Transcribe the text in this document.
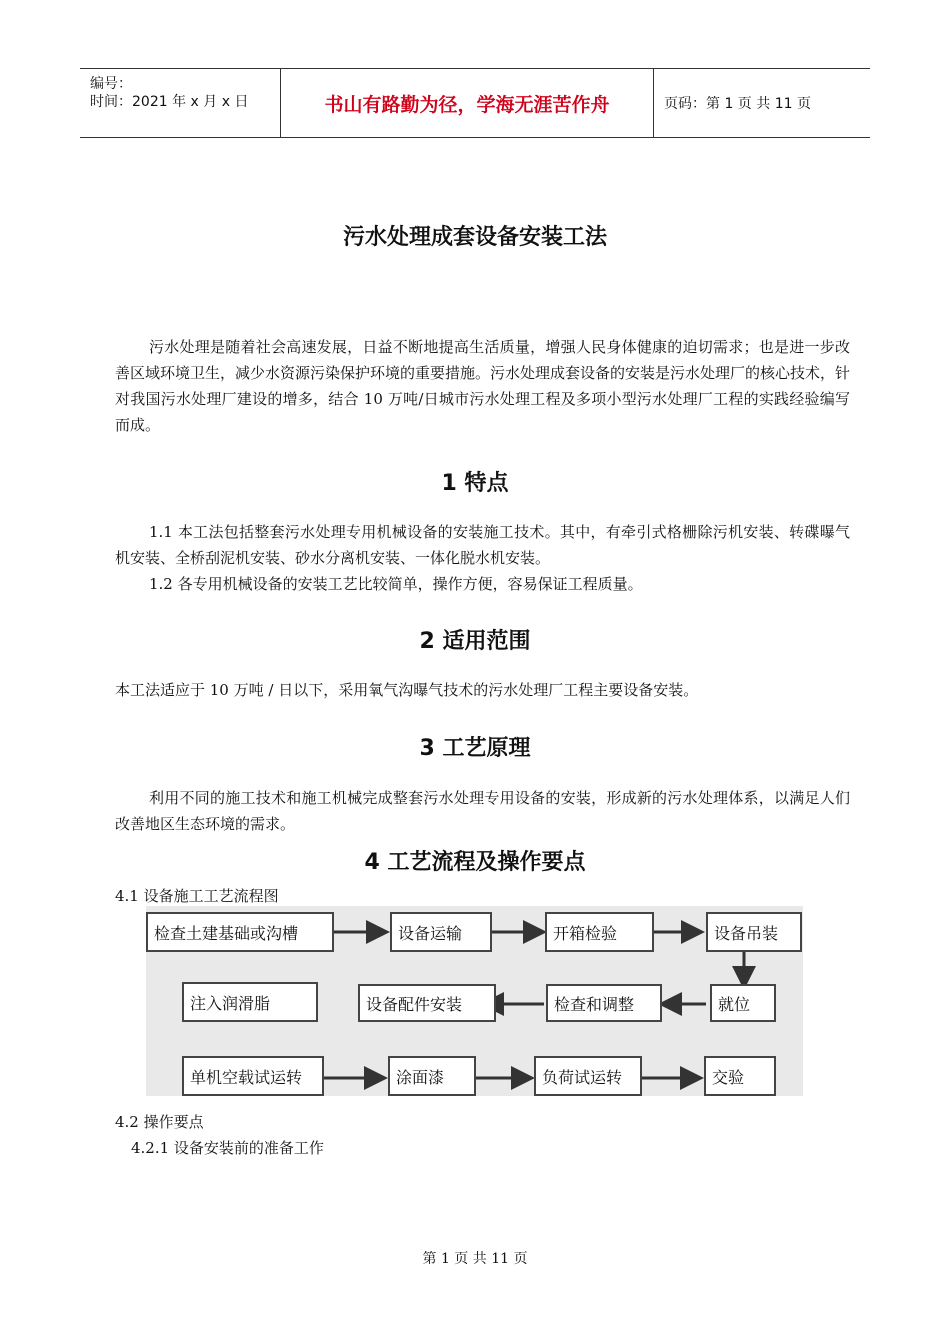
编号：
时间：2021 年 x 月 x 日	书山有路勤为径，学海无涯苦作舟	页码：第 1 页 共 11 页
污水处理成套设备安装工法
污水处理是随着社会高速发展，日益不断地提高生活质量，增强人民身体健康的迫切需求；也是进一步改善区域环境卫生，减少水资源污染保护环境的重要措施。污水处理成套设备的安装是污水处理厂的核心技术，针对我国污水处理厂建设的增多，结合 10 万吨/日城市污水处理工程及多项小型污水处理厂工程的实践经验编写而成。
1 特点
1.1 本工法包括整套污水处理专用机械设备的安装施工技术。其中，有牵引式格栅除污机安装、转碟曝气机安装、全桥刮泥机安装、砂水分离机安装、一体化脱水机安装。
1.2 各专用机械设备的安装工艺比较简单，操作方便，容易保证工程质量。
2 适用范围
本工法适应于 10 万吨 / 日以下，采用氧气沟曝气技术的污水处理厂工程主要设备安装。
3 工艺原理
利用不同的施工技术和施工机械完成整套污水处理专用设备的安装，形成新的污水处理体系，以满足人们改善地区生态环境的需求。
4 工艺流程及操作要点
4.1 设备施工工艺流程图
检查土建基础或沟槽	设备运输	开箱检验	设备吊装
注入润滑脂	设备配件安装	检查和调整	就位
单机空载试运转	涂面漆	负荷试运转	交验
4.2 操作要点
4.2.1 设备安装前的准备工作
第 1 页 共 11 页
